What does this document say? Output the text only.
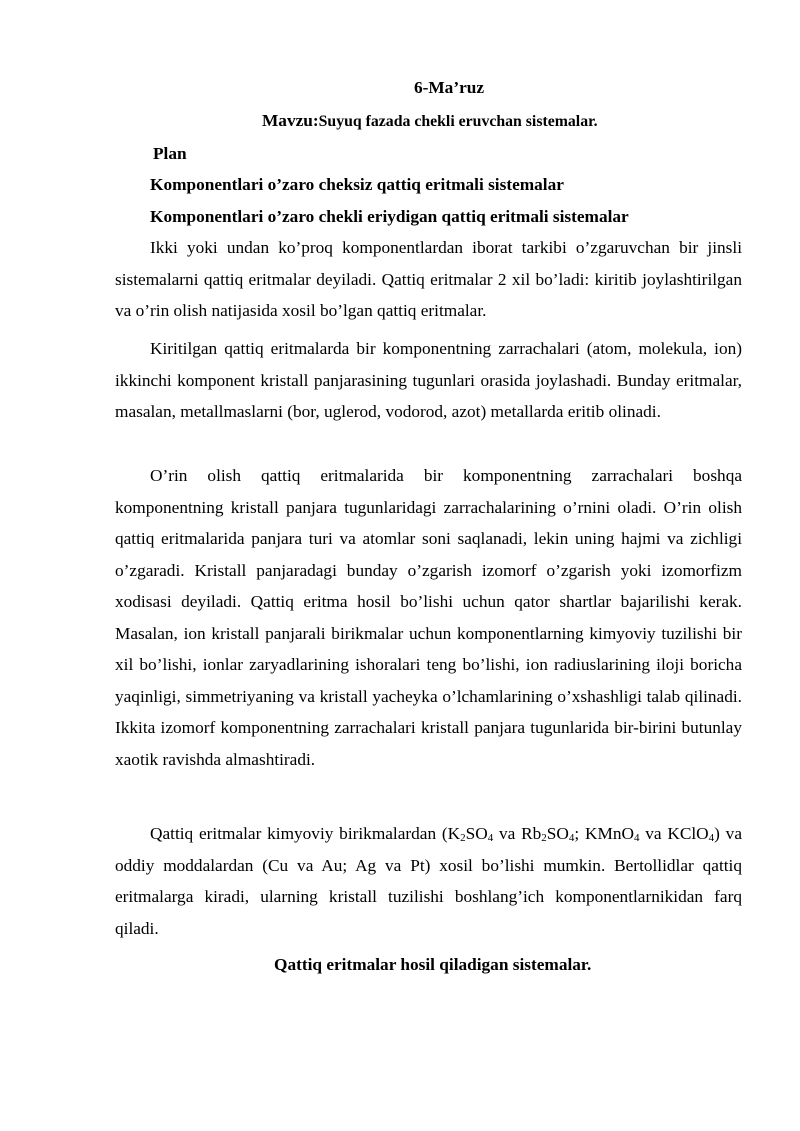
6-Ma’ruz
Mavzu:Suyuq fazada chekli eruvchan sistemalar.
Plan
Komponentlari o’zaro cheksiz qattiq eritmali sistemalar
Komponentlari o’zaro chekli eriydigan qattiq eritmali sistemalar

Ikki yoki undan ko’proq komponentlardan iborat tarkibi o’zgaruvchan bir jinsli sistemalarni qattiq eritmalar deyiladi. Qattiq eritmalar 2 xil bo’ladi: kiritib joylashtirilgan va o’rin olish natijasida xosil bo’lgan qattiq eritmalar.

Kiritilgan qattiq eritmalarda bir komponentning zarrachalari (atom, molekula, ion) ikkinchi komponent kristall panjarasining tugunlari orasida joylashadi. Bunday eritmalar, masalan, metallmaslarni (bor, uglerod, vodorod, azot) metallarda eritib olinadi.

O’rin olish qattiq eritmalarida bir komponentning zarrachalari boshqa komponentning kristall panjara tugunlaridagi zarrachalarining o’rnini oladi. O’rin olish qattiq eritmalarida panjara turi va atomlar soni saqlanadi, lekin uning hajmi va zichligi o’zgaradi. Kristall panjaradagi bunday o’zgarish izomorf o’zgarish yoki izomorfizm xodisasi deyiladi. Qattiq eritma hosil bo’lishi uchun qator shartlar bajarilishi kerak. Masalan, ion kristall panjarali birikmalar uchun komponentlarning kimyoviy tuzilishi bir xil bo’lishi, ionlar zaryadlarining ishoralari teng bo’lishi, ion radiuslarining iloji boricha yaqinligi, simmetriyaning va kristall yacheyka o’lchamlarining o’xshashligi talab qilinadi. Ikkita izomorf komponentning zarrachalari kristall panjara tugunlarida bir-birini butunlay xaotik ravishda almashtiradi.

Qattiq eritmalar kimyoviy birikmalardan ($K_2SO_4$ va $Rb_2SO_4$; KMnO$_4$ va KClO$_4$) va oddiy moddalardan (Cu va Au; Ag va Pt) xosil bo’lishi mumkin. Bertollidlar qattiq eritmalarga kiradi, ularning kristall tuzilishi boshlang’ich komponentlarnikidan farq qiladi.

Qattiq eritmalar hosil qiladigan sistemalar.
